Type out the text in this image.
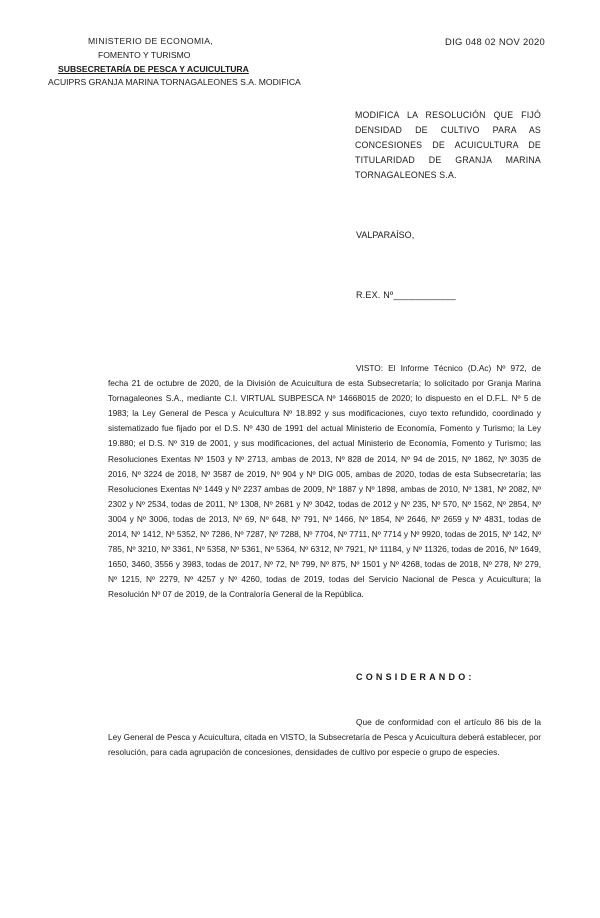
MINISTERIO DE ECONOMIA,
FOMENTO Y TURISMO
SUBSECRETARÍA DE PESCA Y ACUICULTURA
ACUIPRS GRANJA MARINA TORNAGALEONES S.A. MODIFICA
DIG 048 02 NOV 2020
MODIFICA LA RESOLUCIÓN QUE FIJÓ DENSIDAD DE CULTIVO PARA AS CONCESIONES DE ACUICULTURA DE TITULARIDAD DE GRANJA MARINA TORNAGALEONES S.A.
VALPARAÍSO,
R.EX. Nº____________
VISTO: El Informe Técnico (D.Ac) Nº 972, de fecha 21 de octubre de 2020, de la División de Acuicultura de esta Subsecretaría; lo solicitado por Granja Marina Tornagaleones S.A., mediante C.I. VIRTUAL SUBPESCA Nº 14668015 de 2020; lo dispuesto en el D.F.L. Nº 5 de 1983; la Ley General de Pesca y Acuicultura Nº 18.892 y sus modificaciones, cuyo texto refundido, coordinado y sistematizado fue fijado por el D.S. Nº 430 de 1991 del actual Ministerio de Economía, Fomento y Turismo; la Ley 19.880; el D.S. Nº 319 de 2001, y sus modificaciones, del actual Ministerio de Economía, Fomento y Turismo; las Resoluciones Exentas Nº 1503 y Nº 2713, ambas de 2013, Nº 828 de 2014, Nº 94 de 2015, Nº 1862, Nº 3035 de 2016, Nº 3224 de 2018, Nº 3587 de 2019, Nº 904 y Nº DIG 005, ambas de 2020, todas de esta Subsecretaría; las Resoluciones Exentas Nº 1449 y Nº 2237 ambas de 2009, Nº 1887 y Nº 1898, ambas de 2010, Nº 1381, Nº 2082, Nº 2302 y Nº 2534, todas de 2011, Nº 1308, Nº 2681 y Nº 3042, todas de 2012 y Nº 235, Nº 570, Nº 1562, Nº 2854, Nº 3004 y Nº 3006, todas de 2013, Nº 69, Nº 648, Nº 791, Nº 1466, Nº 1854, Nº 2646, Nº 2659 y Nº 4831, todas de 2014, Nº 1412, Nº 5352, Nº 7286, Nº 7287, Nº 7288, Nº 7704, Nº 7711, Nº 7714 y Nº 9920, todas de 2015, Nº 142, Nº 785, Nº 3210, Nº 3361, Nº 5358, Nº 5361, Nº 5364, Nº 6312, Nº 7921, Nº 11184, y Nº 11326, todas de 2016, Nº 1649, 1650, 3460, 3556 y 3983, todas de 2017, Nº 72, Nº 799, Nº 875, Nº 1501 y Nº 4268, todas de 2018, Nº 278, Nº 279, Nº 1215, Nº 2279, Nº 4257 y Nº 4260, todas de 2019, todas del Servicio Nacional de Pesca y Acuicultura; la Resolución Nº 07 de 2019, de la Contraloría General de la República.
CONSIDERANDO:
Que de conformidad con el artículo 86 bis de la Ley General de Pesca y Acuicultura, citada en VISTO, la Subsecretaría de Pesca y Acuicultura deberá establecer, por resolución, para cada agrupación de concesiones, densidades de cultivo por especie o grupo de especies.
